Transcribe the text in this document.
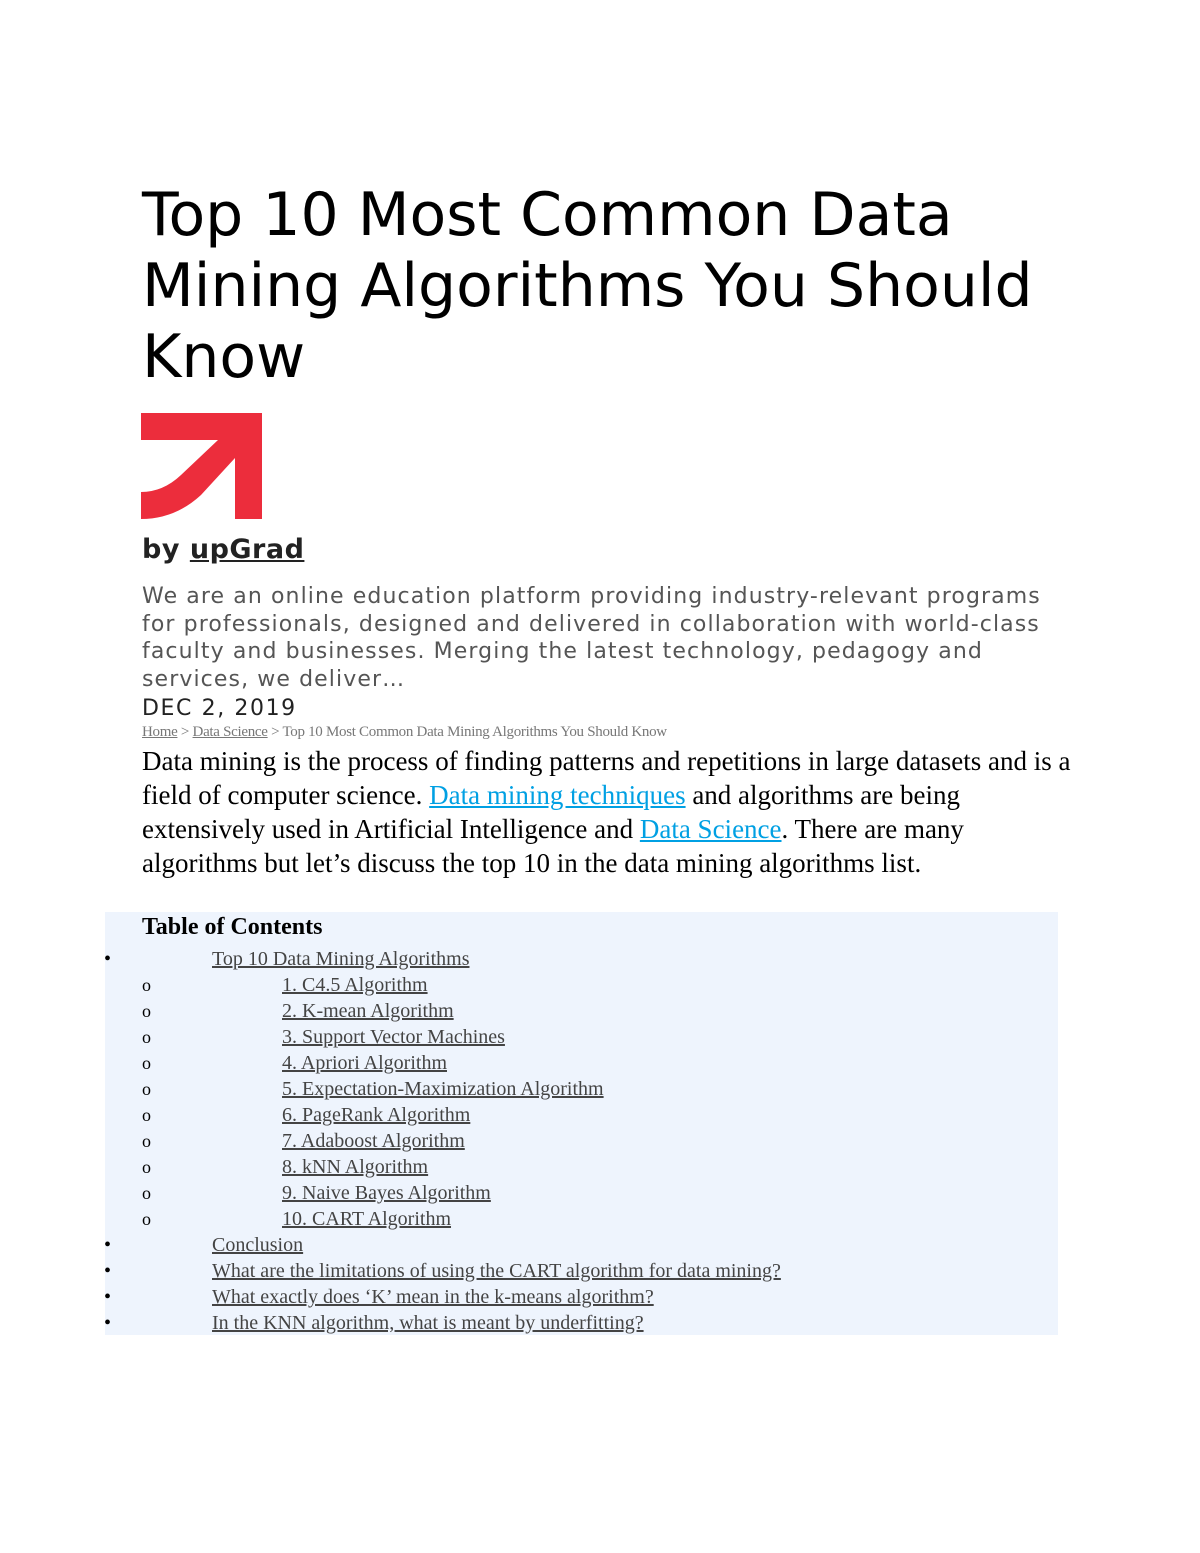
Top 10 Most Common Data Mining Algorithms You Should Know
by upGrad
We are an online education platform providing industry-relevant programs for professionals, designed and delivered in collaboration with world-class faculty and businesses. Merging the latest technology, pedagogy and services, we deliver…
DEC 2, 2019
Home > Data Science > Top 10 Most Common Data Mining Algorithms You Should Know
Data mining is the process of finding patterns and repetitions in large datasets and is a field of computer science. Data mining techniques and algorithms are being extensively used in Artificial Intelligence and Data Science. There are many algorithms but let’s discuss the top 10 in the data mining algorithms list.
Table of Contents
•	Top 10 Data Mining Algorithms
o	1. C4.5 Algorithm
o	2. K-mean Algorithm
o	3. Support Vector Machines
o	4. Apriori Algorithm
o	5. Expectation-Maximization Algorithm
o	6. PageRank Algorithm
o	7. Adaboost Algorithm
o	8. kNN Algorithm
o	9. Naive Bayes Algorithm
o	10. CART Algorithm
•	Conclusion
•	What are the limitations of using the CART algorithm for data mining?
•	What exactly does ‘K’ mean in the k-means algorithm?
•	In the KNN algorithm, what is meant by underfitting?
